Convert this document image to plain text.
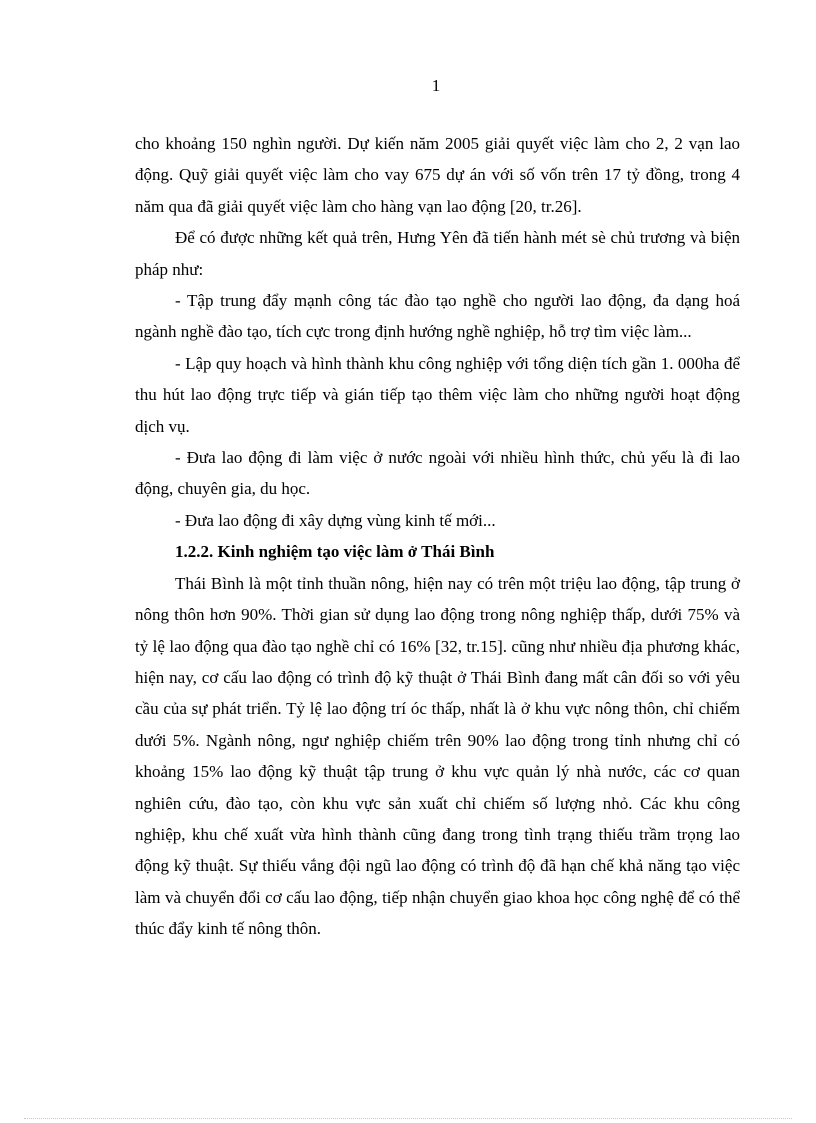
1

cho khoảng 150 nghìn người. Dự kiến năm 2005 giải quyết việc làm cho 2, 2 vạn lao động. Quỹ giải quyết việc làm cho vay 675 dự án với số vốn trên 17 tỷ đồng, trong 4 năm qua đã giải quyết việc làm cho hàng vạn lao động [20, tr.26].

Để có được những kết quả trên, Hưng Yên đã tiến hành mét sè chủ trương và biện pháp như:

- Tập trung đẩy mạnh công tác đào tạo nghề cho người lao động, đa dạng hoá ngành nghề đào tạo, tích cực trong định hướng nghề nghiệp, hỗ trợ tìm việc làm...

- Lập quy hoạch và hình thành khu công nghiệp với tổng diện tích gần 1. 000ha để thu hút lao động trực tiếp và gián tiếp tạo thêm việc làm cho những người hoạt động dịch vụ.

- Đưa lao động đi làm việc ở nước ngoài với nhiều hình thức, chủ yếu là đi lao động, chuyên gia, du học.

- Đưa lao động đi xây dựng vùng kinh tế mới...

1.2.2. Kinh nghiệm tạo việc làm ở Thái Bình

Thái Bình là một tỉnh thuần nông, hiện nay có trên một triệu lao động, tập trung ở nông thôn hơn 90%. Thời gian sử dụng lao động trong nông nghiệp thấp, dưới 75% và tỷ lệ lao động qua đào tạo nghề chỉ có 16% [32, tr.15]. cũng như nhiều địa phương khác, hiện nay, cơ cấu lao động có trình độ kỹ thuật ở Thái Bình đang mất cân đối so với yêu cầu của sự phát triển. Tỷ lệ lao động trí óc thấp, nhất là ở khu vực nông thôn, chỉ chiếm dưới 5%. Ngành nông, ngư nghiệp chiếm trên 90% lao động trong tỉnh nhưng chỉ có khoảng 15% lao động kỹ thuật tập trung ở khu vực quản lý nhà nước, các cơ quan nghiên cứu, đào tạo, còn khu vực sản xuất chỉ chiếm số lượng nhỏ. Các khu công nghiệp, khu chế xuất vừa hình thành cũng đang trong tình trạng thiếu trầm trọng lao động kỹ thuật. Sự thiếu vắng đội ngũ lao động có trình độ đã hạn chế khả năng tạo việc làm và chuyển đổi cơ cấu lao động, tiếp nhận chuyển giao khoa học công nghệ để có thể thúc đẩy kinh tế nông thôn.
